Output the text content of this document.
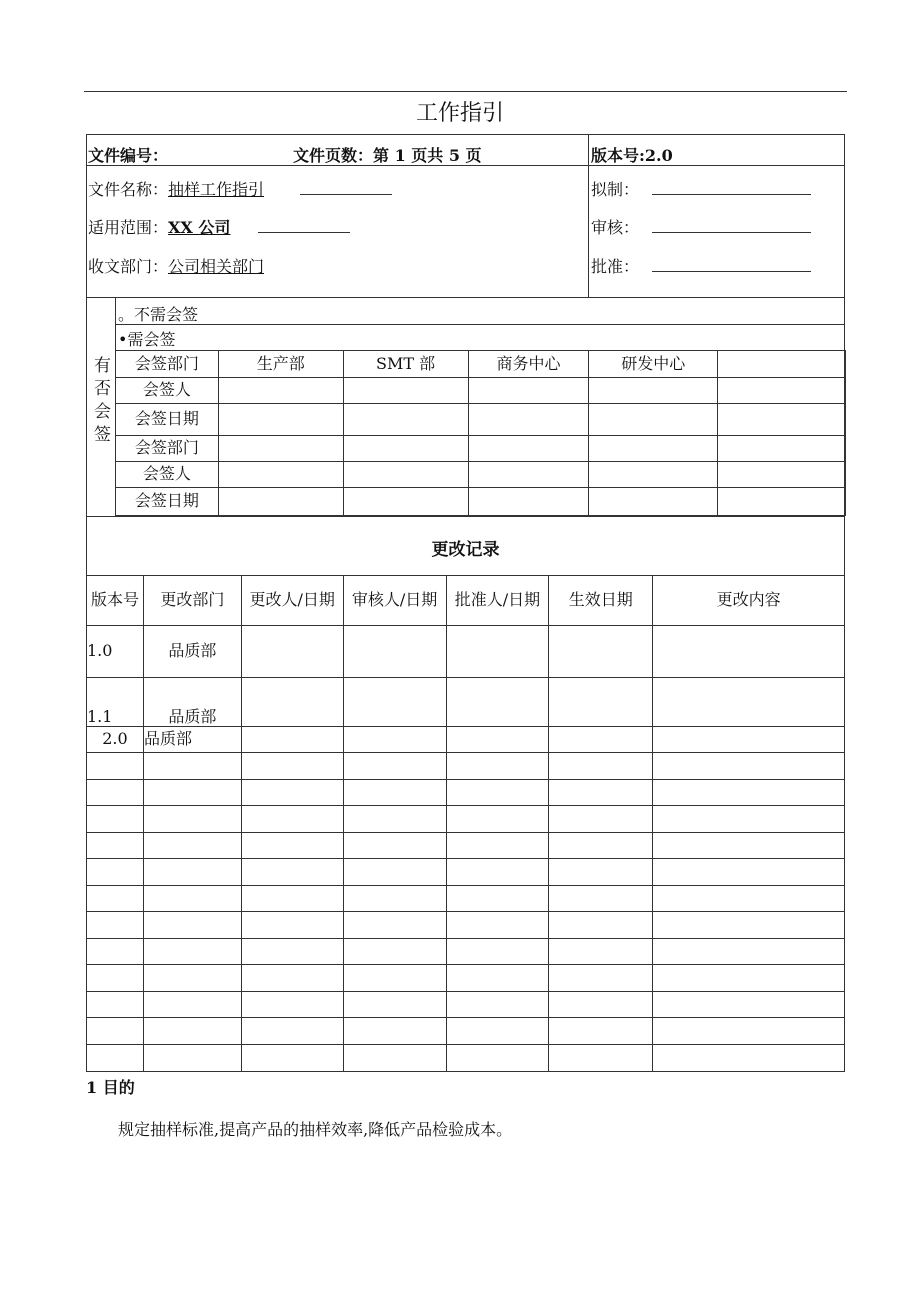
工作指引
文件编号：	文件页数：第 1 页共 5 页	版本号:2.0
文件名称：抽样工作指引
适用范围：XX 公司
收文部门：公司相关部门
拟制：
审核：
批准：
有否会签
。不需会签
•需会签
会签部门	生产部	SMT 部	商务中心	研发中心	
会签人					
会签日期					
会签部门					
会签人					
会签日期					
更改记录
版本号	更改部门	更改人/日期	审核人/日期	批准人/日期	生效日期	更改内容
1.0	品质部					
1.1	品质部					
2.0	品质部					

1 目的
规定抽样标准,提高产品的抽样效率,降低产品检验成本。
